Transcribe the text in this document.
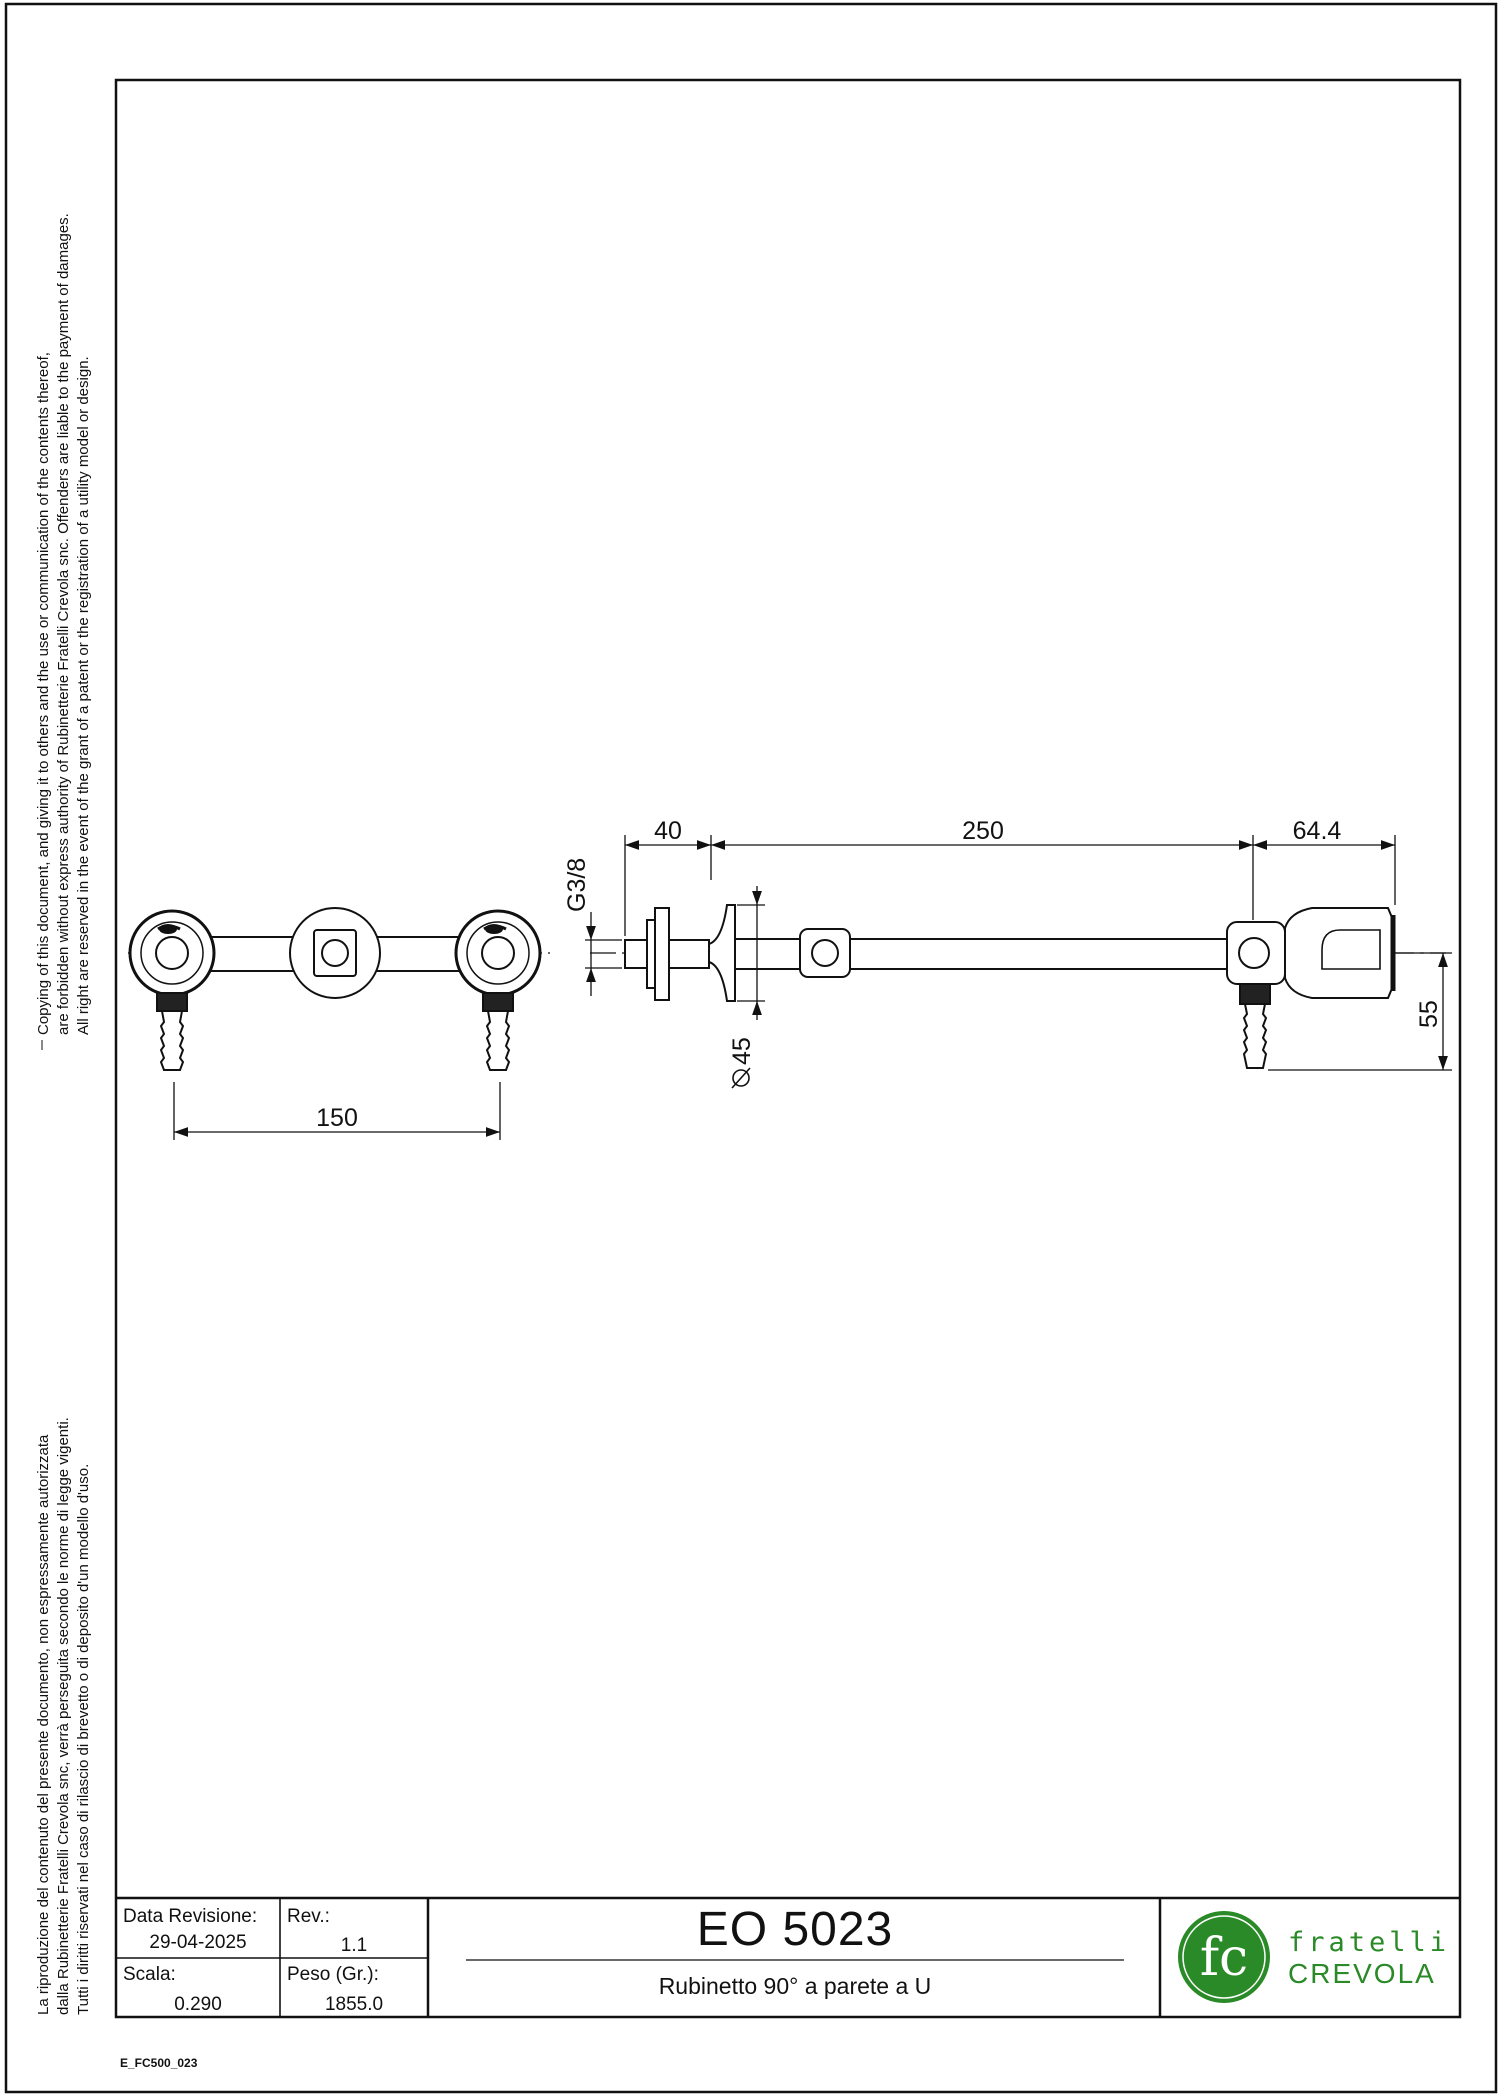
Copying of this document, and giving it to others and the use or communication of the contents thereof, are forbidden without express authority of Rubinetterie Fratelli Crevola snc. Offenders are liable to the payment of damages. All right are reserved in the event of the grant of a patent or the registration of a utility model or design.
La riproduzione del contenuto del presente documento, non espressamente autorizzata dalla Rubinetterie Fratelli Crevola snc, verrà perseguita secondo le norme di legge vigenti. Tutti i diritti riservati nel caso di rilascio di brevetto o di deposito d'un modello d'uso.
150
40	250	64.4
G3/8
45
55
fc
Data Revisione:
29-04-2025
Rev.:
1.1
Scala:
0.290
Peso (Gr.):
1855.0
EO 5023
Rubinetto 90° a parete a U
fratelli
CREVOLA
E_FC500_023
